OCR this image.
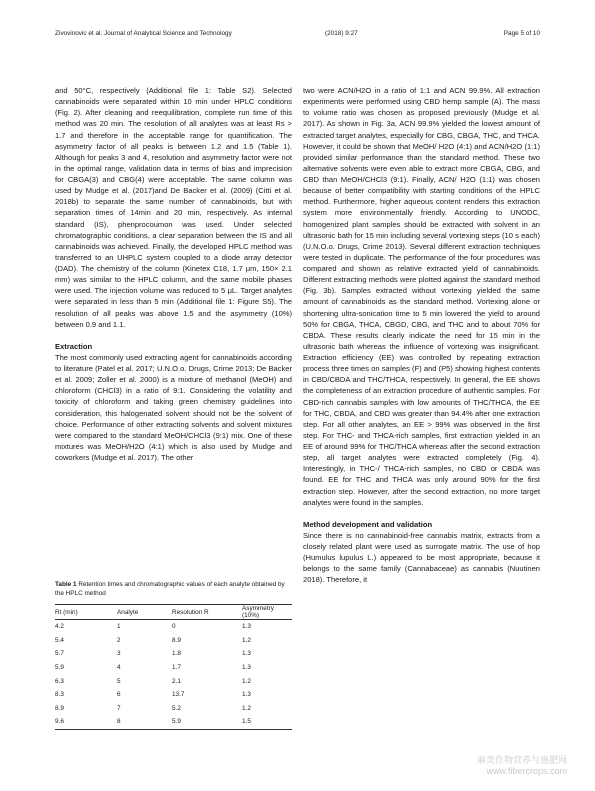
Zivovinovic et al. Journal of Analytical Science and Technology	(2018) 9:27	Page 5 of 10

and 50°C, respectively (Additional file 1: Table S2). Selected cannabinoids were separated within 10 min under HPLC conditions (Fig. 2). After cleaning and reequilibration, complete run time of this method was 20 min. The resolution of all analytes was at least Rs > 1.7 and therefore in the acceptable range for quantification. The asymmetry factor of all peaks is between 1.2 and 1.5 (Table 1). Although for peaks 3 and 4, resolution and asymmetry factor were not in the optimal range, validation data in terms of bias and imprecision for CBGA(3) and CBG(4) were acceptable. The same column was used by Mudge et al. (2017)and De Backer et al. (2009) (Citti et al. 2018b) to separate the same number of cannabinoids, but with separation times of 14min and 20 min, respectively. As internal standard (IS), phenprocoumon was used. Under selected chromatographic conditions, a clear separation between the IS and all cannabinoids was achieved. Finally, the developed HPLC method was transferred to an UHPLC system coupled to a diode array detector (DAD). The chemistry of the column (Kinetex C18, 1.7 μm, 150× 2.1 mm) was similar to the HPLC column, and the same mobile phases were used. The injection volume was reduced to 5 μL. Target analytes were separated in less than 5 min (Additional file 1: Figure S5). The resolution of all peaks was above 1.5 and the asymmetry (10%) between 0.9 and 1.1.

Extraction

The most commonly used extracting agent for cannabinoids according to literature (Patel et al. 2017; U.N.O.o. Drugs, Crime 2013; De Backer et al. 2009; Zoller et al. 2000) is a mixture of methanol (MeOH) and chloroform (CHCl3) in a ratio of 9:1. Considering the volatility and toxicity of chloroform and taking green chemistry guidelines into consideration, this halogenated solvent should not be the solvent of choice. Performance of other extracting solvents and solvent mixtures were compared to the standard MeOH/CHCl3 (9:1) mix. One of these mixtures was MeOH/H2O (4:1) which is also used by Mudge and coworkers (Mudge et al. 2017). The other

Table 1 Retention times and chromatographic values of each analyte obtained by the HPLC method
Rt (min)	Analyte	Resolution R	Asymmetry (10%)
4.2	1	0	1.3
5.4	2	8.9	1.2
5.7	3	1.8	1.3
5.9	4	1.7	1.3
6.3	5	2.1	1.2
8.3	6	13.7	1.3
8.9	7	5.2	1.2
9.6	8	5.9	1.5

two were ACN/H2O in a ratio of 1:1 and ACN 99.9%. All extraction experiments were performed using CBD hemp sample (A). The mass to volume ratio was chosen as proposed previously (Mudge et al. 2017). As shown in Fig. 3a, ACN 99.9% yielded the lowest amount of extracted target analytes, especially for CBG, CBGA, THC, and THCA. However, it could be shown that MeOH/ H2O (4:1) and ACN/H2O (1:1) provided similar performance than the standard method. These two alternative solvents were even able to extract more CBGA, CBG, and CBD than MeOH/CHCl3 (9:1). Finally, ACN/ H2O (1:1) was chosen because of better compatibility with starting conditions of the HPLC method. Furthermore, higher aqueous content renders this extraction system more environmentally friendly. According to UNODC, homogenized plant samples should be extracted with solvent in an ultrasonic bath for 15 min including several vortexing steps (10 s each) (U.N.O.o. Drugs, Crime 2013). Several different extraction techniques were tested in duplicate. The performance of the four procedures was compared and shown as relative extracted yield of cannabinoids. Different extracting methods were plotted against the standard method (Fig. 3b). Samples extracted without vortexing yielded the same amount of cannabinoids as the standard method. Vortexing alone or shortening ultra-sonication time to 5 min lowered the yield to around 50% for CBGA, THCA, CBGD, CBG, and THC and to about 70% for CBDA. These results clearly indicate the need for 15 min in the ultrasonic bath whereas the influence of vortexing was insignificant. Extraction efficiency (EE) was controlled by repeating extraction process three times on samples (F) and (P5) showing highest contents in CBD/CBDA and THC/THCA, respectively. In general, the EE shows the completeness of an extraction procedure of authentic samples. For CBD-rich cannabis samples with low amounts of THC/THCA, the EE for THC, CBDA, and CBD was greater than 94.4% after one extraction step. For all other analytes, an EE > 99% was observed in the first step. For THC- and THCA-rich samples, first extraction yielded in an EE of around 99% for THC/THCA whereas after the second extraction step, all target analytes were extracted completely (Fig. 4). Interestingly, in THC-/ THCA-rich samples, no CBD or CBDA was found. EE for THC and THCA was only around 90% for the first extraction step. However, after the second extraction, no more target analytes were found in the samples.

Method development and validation

Since there is no cannabinoid-free cannabis matrix, extracts from a closely related plant were used as surrogate matrix. The use of hop (Humulus lupulus L.) appeared to be most appropriate, because it belongs to the same family (Cannabaceae) as cannabis (Nuutinen 2018). Therefore, it

麻类作物营养与施肥网
www.fibercrops.com
